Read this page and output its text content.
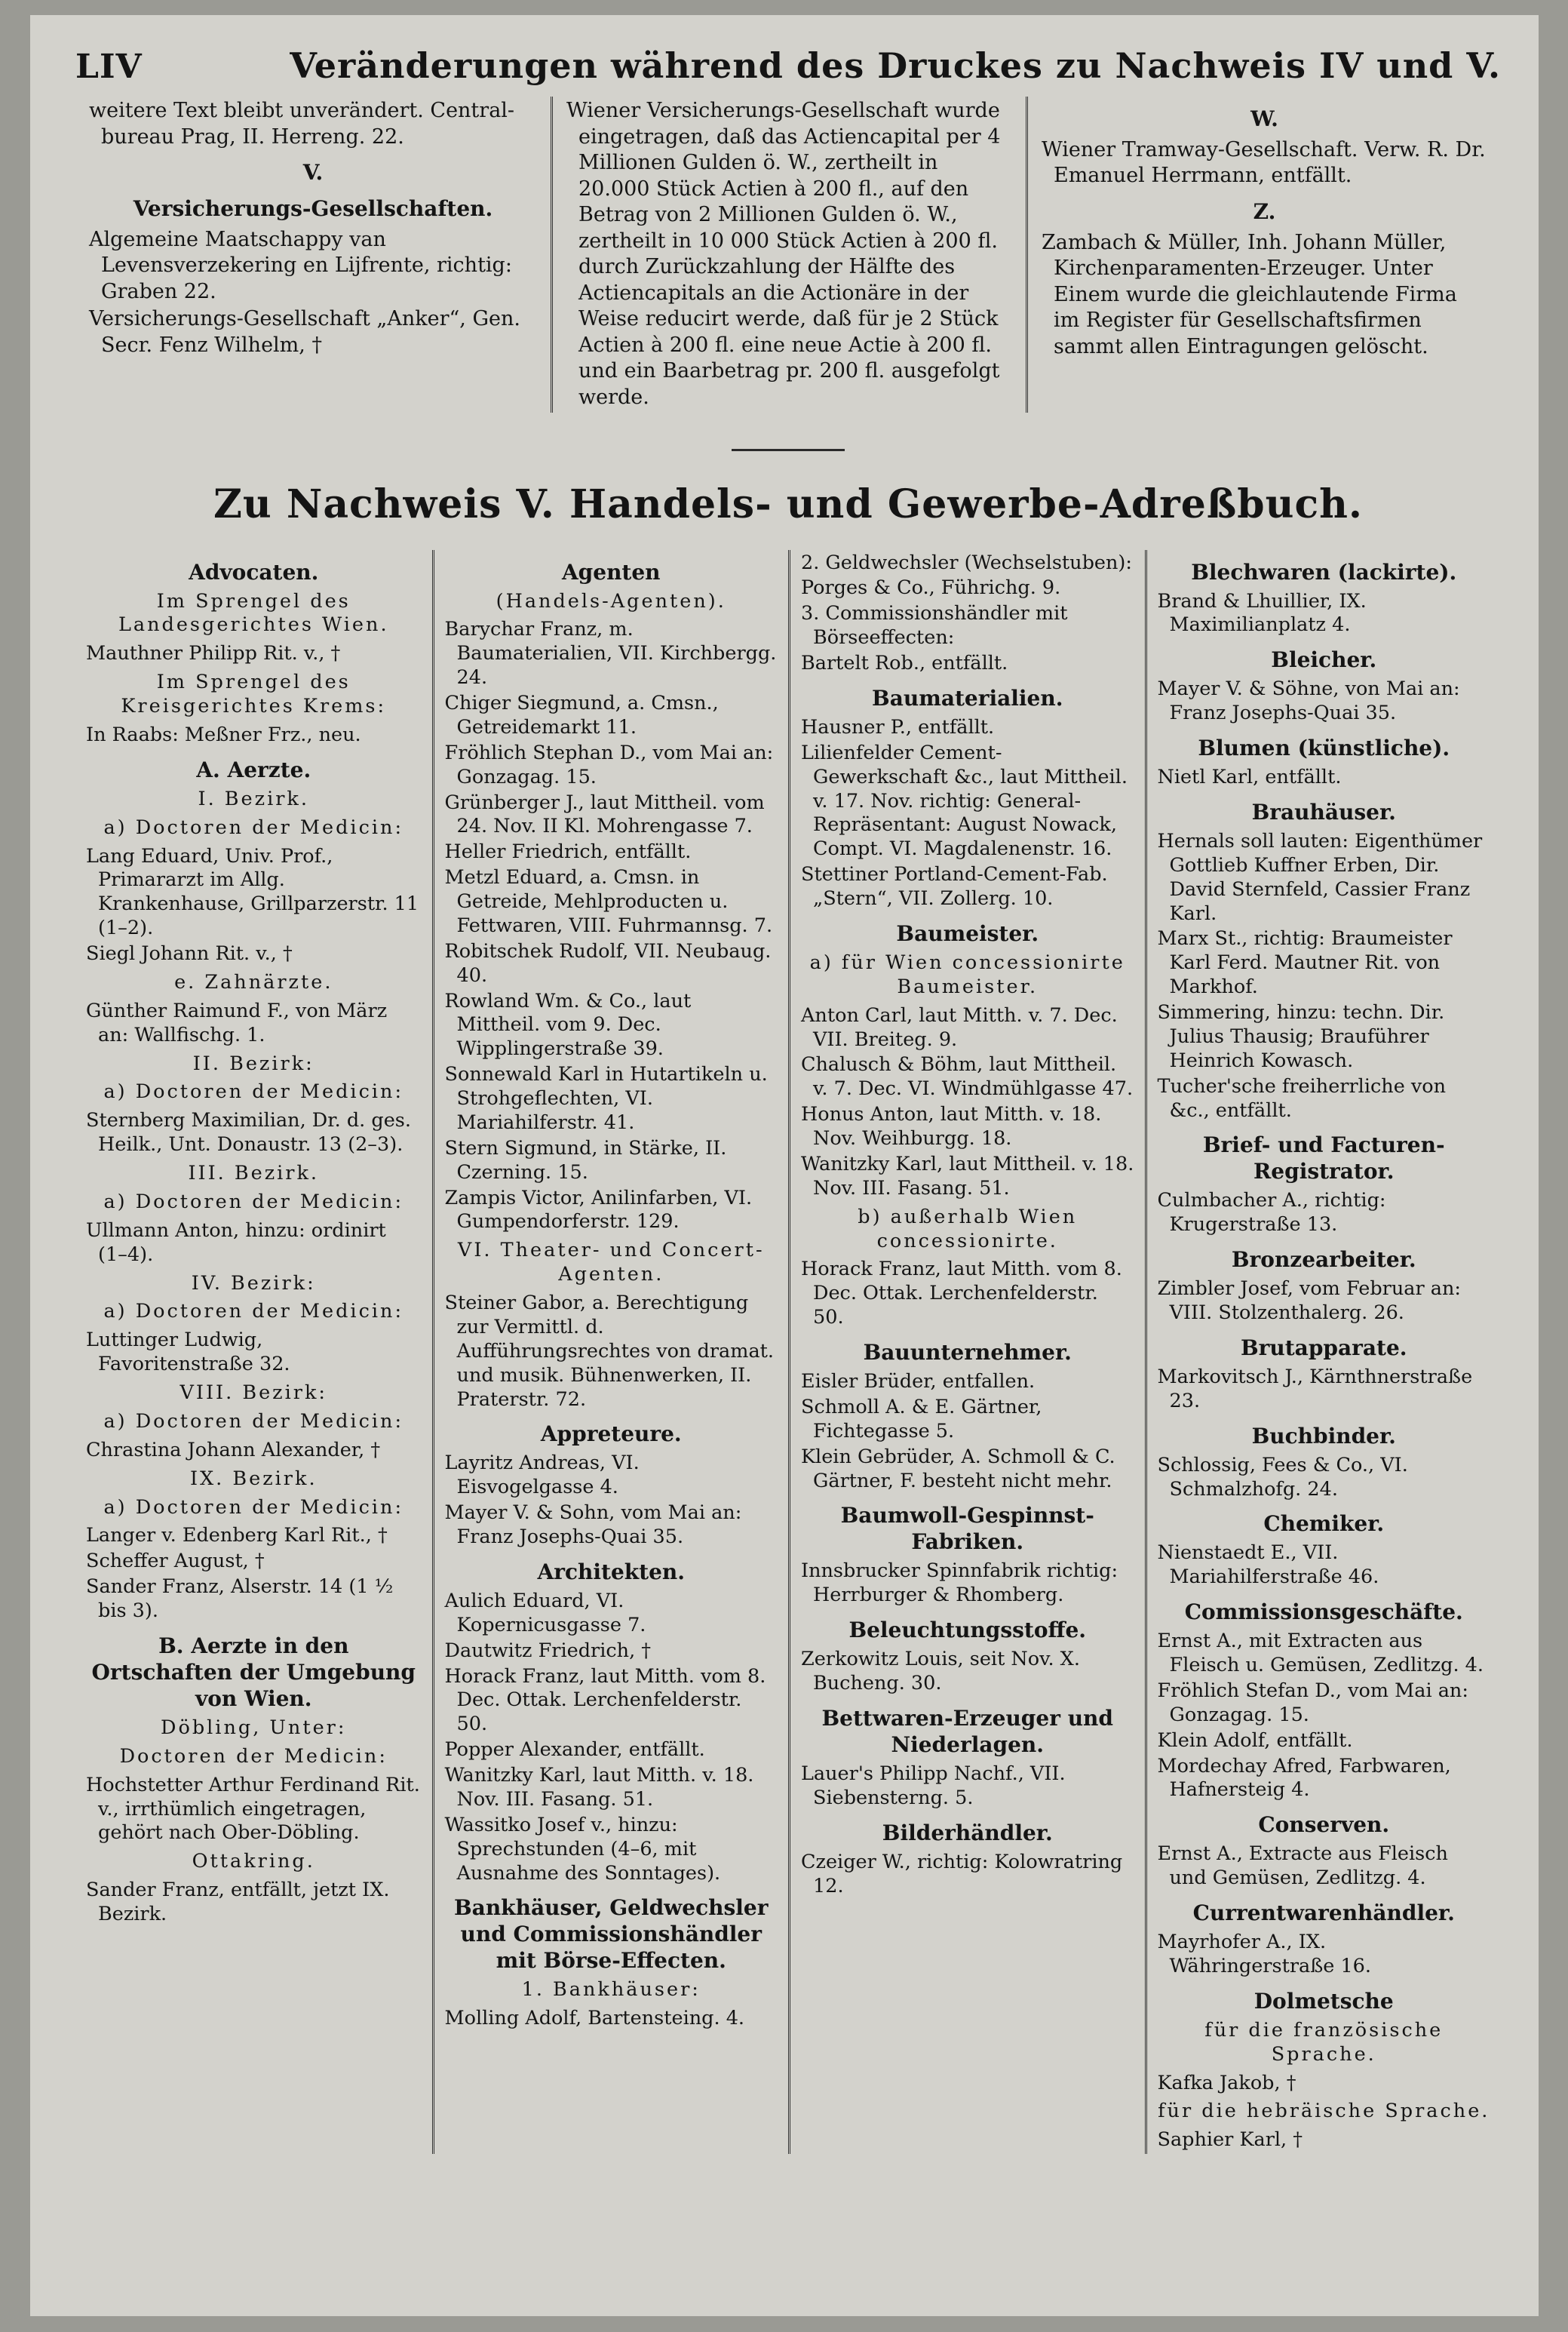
LIV	Veränderungen während des Druckes zu Nachweis IV und V.
weitere Text bleibt unverändert. Central-bureau Prag, II. Herreng. 22.
V.
Versicherungs-Gesellschaften.
Algemeine Maatschappy van Levensverzekering en Lijfrente, richtig: Graben 22.
Versicherungs-Gesellschaft „Anker“, Gen. Secr. Fenz Wilhelm, †
Wiener Versicherungs-Gesellschaft wurde eingetragen, daß das Actiencapital per 4 Millionen Gulden ö. W., zertheilt in 20.000 Stück Actien à 200 fl., auf den Betrag von 2 Millionen Gulden ö. W., zertheilt in 10 000 Stück Actien à 200 fl. durch Zurückzahlung der Hälfte des Actiencapitals an die Actionäre in der Weise reducirt werde, daß für je 2 Stück Actien à 200 fl. eine neue Actie à 200 fl. und ein Baarbetrag pr. 200 fl. ausgefolgt werde.
W.
Wiener Tramway-Gesellschaft. Verw. R. Dr. Emanuel Herrmann, entfällt.
Z.
Zambach & Müller, Inh. Johann Müller, Kirchenparamenten-Erzeuger. Unter Einem wurde die gleichlautende Firma im Register für Gesellschaftsfirmen sammt allen Eintragungen gelöscht.
Zu Nachweis V. Handels- und Gewerbe-Adreßbuch.
Advocaten.
Im Sprengel des Landesgerichtes Wien.
Mauthner Philipp Rit. v., †
Im Sprengel des Kreisgerichtes Krems:
In Raabs: Meßner Frz., neu.
A. Aerzte.
I. Bezirk.
a) Doctoren der Medicin:
Lang Eduard, Univ. Prof., Primararzt im Allg. Krankenhause, Grillparzerstr. 11 (1–2).
Siegl Johann Rit. v., †
e. Zahnärzte.
Günther Raimund F., von März an: Wallfischg. 1.
II. Bezirk:
a) Doctoren der Medicin:
Sternberg Maximilian, Dr. d. ges. Heilk., Unt. Donaustr. 13 (2–3).
III. Bezirk.
a) Doctoren der Medicin:
Ullmann Anton, hinzu: ordinirt (1–4).
IV. Bezirk:
a) Doctoren der Medicin:
Luttinger Ludwig, Favoritenstraße 32.
VIII. Bezirk:
a) Doctoren der Medicin:
Chrastina Johann Alexander, †
IX. Bezirk.
a) Doctoren der Medicin:
Langer v. Edenberg Karl Rit., †
Scheffer August, †
Sander Franz, Alserstr. 14 (1 ½ bis 3).
B. Aerzte in den Ortschaften der Umgebung von Wien.
Döbling, Unter:
Doctoren der Medicin:
Hochstetter Arthur Ferdinand Rit. v., irrthümlich eingetragen, gehört nach Ober-Döbling.
Ottakring.
Sander Franz, entfällt, jetzt IX. Bezirk.
Agenten
(Handels-Agenten).
Barychar Franz, m. Baumaterialien, VII. Kirchbergg. 24.
Chiger Siegmund, a. Cmsn., Getreidemarkt 11.
Fröhlich Stephan D., vom Mai an: Gonzagag. 15.
Grünberger J., laut Mittheil. vom 24. Nov. II Kl. Mohrengasse 7.
Heller Friedrich, entfällt.
Metzl Eduard, a. Cmsn. in Getreide, Mehlproducten u. Fettwaren, VIII. Fuhrmannsg. 7.
Robitschek Rudolf, VII. Neubaug. 40.
Rowland Wm. & Co., laut Mittheil. vom 9. Dec. Wipplingerstraße 39.
Sonnewald Karl in Hutartikeln u. Strohgeflechten, VI. Mariahilferstr. 41.
Stern Sigmund, in Stärke, II. Czerning. 15.
Zampis Victor, Anilinfarben, VI. Gumpendorferstr. 129.
VI. Theater- und Concert-Agenten.
Steiner Gabor, a. Berechtigung zur Vermittl. d. Aufführungsrechtes von dramat. und musik. Bühnenwerken, II. Praterstr. 72.
Appreteure.
Layritz Andreas, VI. Eisvogelgasse 4.
Mayer V. & Sohn, vom Mai an: Franz Josephs-Quai 35.
Architekten.
Aulich Eduard, VI. Kopernicusgasse 7.
Dautwitz Friedrich, †
Horack Franz, laut Mitth. vom 8. Dec. Ottak. Lerchenfelderstr. 50.
Popper Alexander, entfällt.
Wanitzky Karl, laut Mitth. v. 18. Nov. III. Fasang. 51.
Wassitko Josef v., hinzu: Sprechstunden (4–6, mit Ausnahme des Sonntages).
Bankhäuser, Geldwechsler und Commissionshändler mit Börse-Effecten.
1. Bankhäuser:
Molling Adolf, Bartensteing. 4.
2. Geldwechsler (Wechselstuben):
Porges & Co., Führichg. 9.
3. Commissionshändler mit Börseeffecten:
Bartelt Rob., entfällt.
Baumaterialien.
Hausner P., entfällt.
Lilienfelder Cement-Gewerkschaft &c., laut Mittheil. v. 17. Nov. richtig: General-Repräsentant: August Nowack, Compt. VI. Magdalenenstr. 16.
Stettiner Portland-Cement-Fab. „Stern“, VII. Zollerg. 10.
Baumeister.
a) für Wien concessionirte Baumeister.
Anton Carl, laut Mitth. v. 7. Dec. VII. Breiteg. 9.
Chalusch & Böhm, laut Mittheil. v. 7. Dec. VI. Windmühlgasse 47.
Honus Anton, laut Mitth. v. 18. Nov. Weihburgg. 18.
Wanitzky Karl, laut Mittheil. v. 18. Nov. III. Fasang. 51.
b) außerhalb Wien concessionirte.
Horack Franz, laut Mitth. vom 8. Dec. Ottak. Lerchenfelderstr. 50.
Bauunternehmer.
Eisler Brüder, entfallen.
Schmoll A. & E. Gärtner, Fichtegasse 5.
Klein Gebrüder, A. Schmoll & C. Gärtner, F. besteht nicht mehr.
Baumwoll-Gespinnst-Fabriken.
Innsbrucker Spinnfabrik richtig: Herrburger & Rhomberg.
Beleuchtungsstoffe.
Zerkowitz Louis, seit Nov. X. Bucheng. 30.
Bettwaren-Erzeuger und Niederlagen.
Lauer's Philipp Nachf., VII. Siebensterng. 5.
Bilderhändler.
Czeiger W., richtig: Kolowratring 12.
Blechwaren (lackirte).
Brand & Lhuillier, IX. Maximilianplatz 4.
Bleicher.
Mayer V. & Söhne, von Mai an: Franz Josephs-Quai 35.
Blumen (künstliche).
Nietl Karl, entfällt.
Brauhäuser.
Hernals soll lauten: Eigenthümer Gottlieb Kuffner Erben, Dir. David Sternfeld, Cassier Franz Karl.
Marx St., richtig: Braumeister Karl Ferd. Mautner Rit. von Markhof.
Simmering, hinzu: techn. Dir. Julius Thausig; Brauführer Heinrich Kowasch.
Tucher'sche freiherrliche von &c., entfällt.
Brief- und Facturen-Registrator.
Culmbacher A., richtig: Krugerstraße 13.
Bronzearbeiter.
Zimbler Josef, vom Februar an: VIII. Stolzenthalerg. 26.
Brutapparate.
Markovitsch J., Kärnthnerstraße 23.
Buchbinder.
Schlossig, Fees & Co., VI. Schmalzhofg. 24.
Chemiker.
Nienstaedt E., VII. Mariahilferstraße 46.
Commissionsgeschäfte.
Ernst A., mit Extracten aus Fleisch u. Gemüsen, Zedlitzg. 4.
Fröhlich Stefan D., vom Mai an: Gonzagag. 15.
Klein Adolf, entfällt.
Mordechay Afred, Farbwaren, Hafnersteig 4.
Conserven.
Ernst A., Extracte aus Fleisch und Gemüsen, Zedlitzg. 4.
Currentwarenhändler.
Mayrhofer A., IX. Währingerstraße 16.
Dolmetsche
für die französische Sprache.
Kafka Jakob, †
für die hebräische Sprache.
Saphier Karl, †
